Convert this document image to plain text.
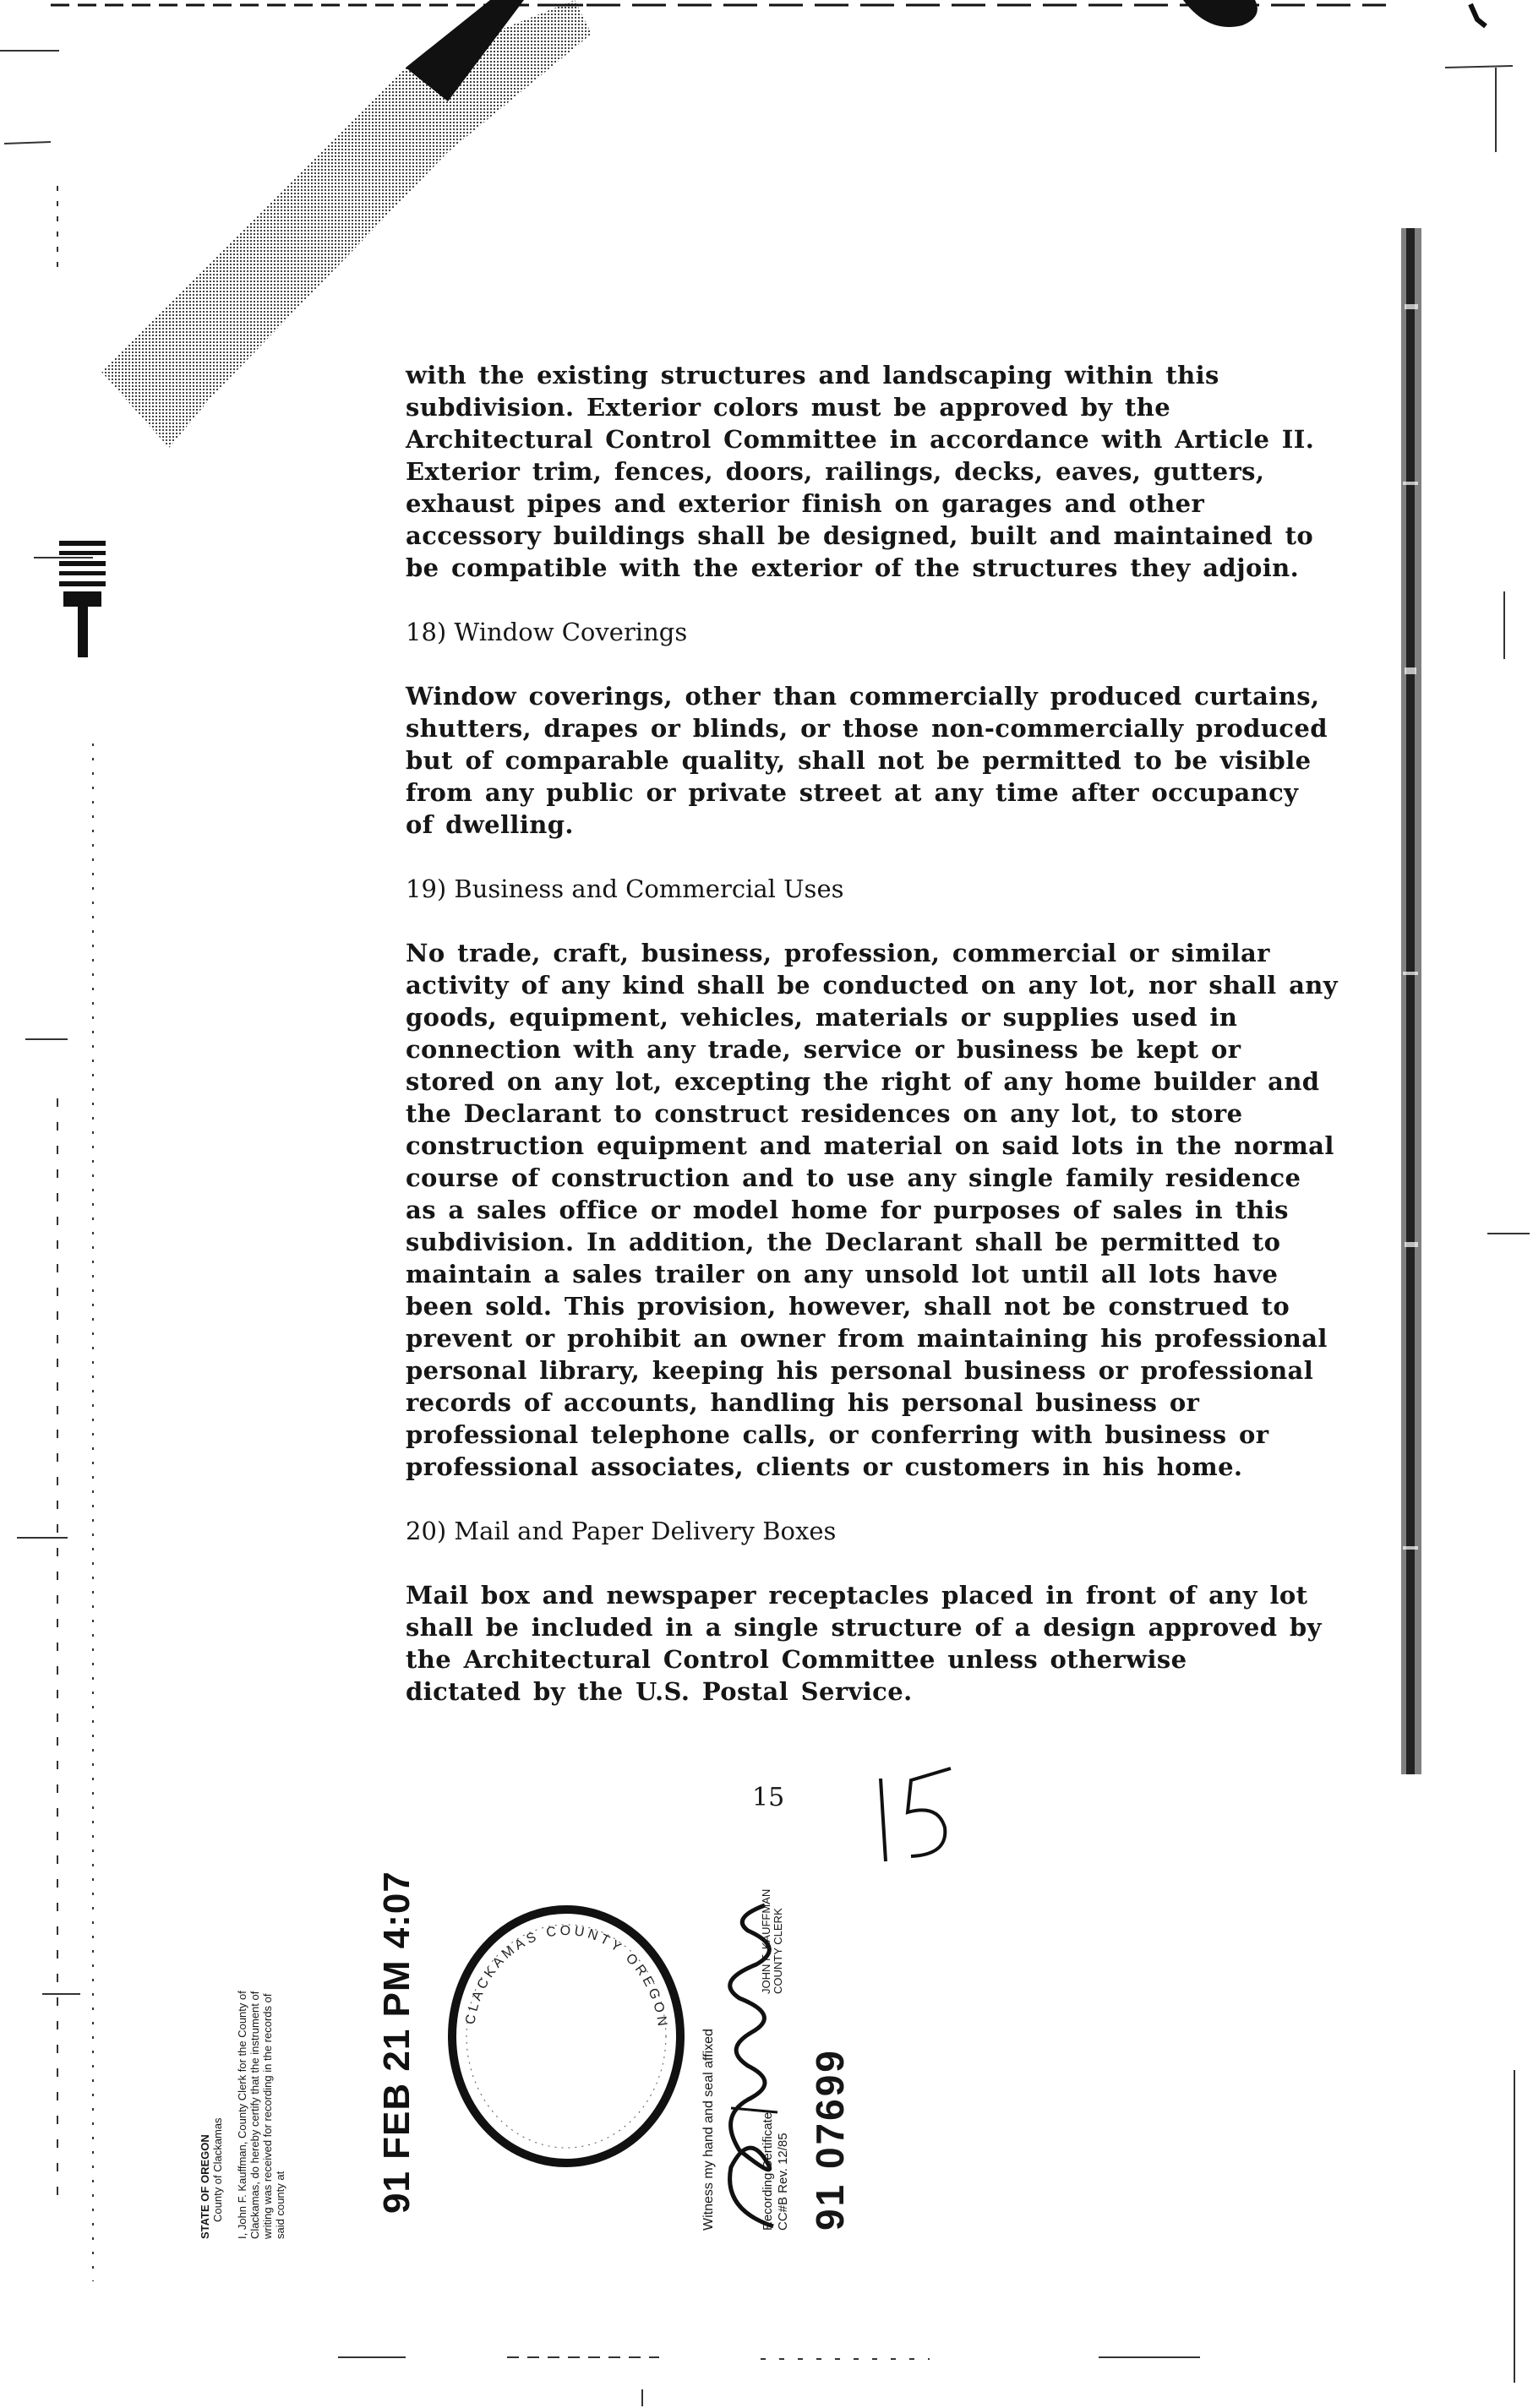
with the existing structures and landscaping within this
subdivision. Exterior colors must be approved by the
Architectural Control Committee in accordance with Article II.
Exterior trim, fences, doors, railings, decks, eaves, gutters,
exhaust pipes and exterior finish on garages and other
accessory buildings shall be designed, built and maintained to
be compatible with the exterior of the structures they adjoin.

18) Window Coverings

Window coverings, other than commercially produced curtains,
shutters, drapes or blinds, or those non-commercially produced
but of comparable quality, shall not be permitted to be visible
from any public or private street at any time after occupancy
of dwelling.

19) Business and Commercial Uses

No trade, craft, business, profession, commercial or similar
activity of any kind shall be conducted on any lot, nor shall any
goods, equipment, vehicles, materials or supplies used in
connection with any trade, service or business be kept or
stored on any lot, excepting the right of any home builder and
the Declarant to construct residences on any lot, to store
construction equipment and material on said lots in the normal
course of construction and to use any single family residence
as a sales office or model home for purposes of sales in this
subdivision. In addition, the Declarant shall be permitted to
maintain a sales trailer on any unsold lot until all lots have
been sold. This provision, however, shall not be construed to
prevent or prohibit an owner from maintaining his professional
personal library, keeping his personal business or professional
records of accounts, handling his personal business or
professional telephone calls, or conferring with business or
professional associates, clients or customers in his home.

20) Mail and Paper Delivery Boxes

Mail box and newspaper receptacles placed in front of any lot
shall be included in a single structure of a design approved by
the Architectural Control Committee unless otherwise
dictated by the U.S. Postal Service.
15
STATE OF OREGON County of Clackamas I, John F. Kauffman, County Clerk for the County of Clackamas, do hereby certify that the instrument of writing was received for recording in the records of said county at 91 FEB 21 PM 4:07	CLACKAMAS COUNTY OREGON
Witness my hand and seal affixed
JOHN F. KAUFFMAN COUNTY CLERK
Recording Certificate CC#B Rev. 12/85 91 07699
